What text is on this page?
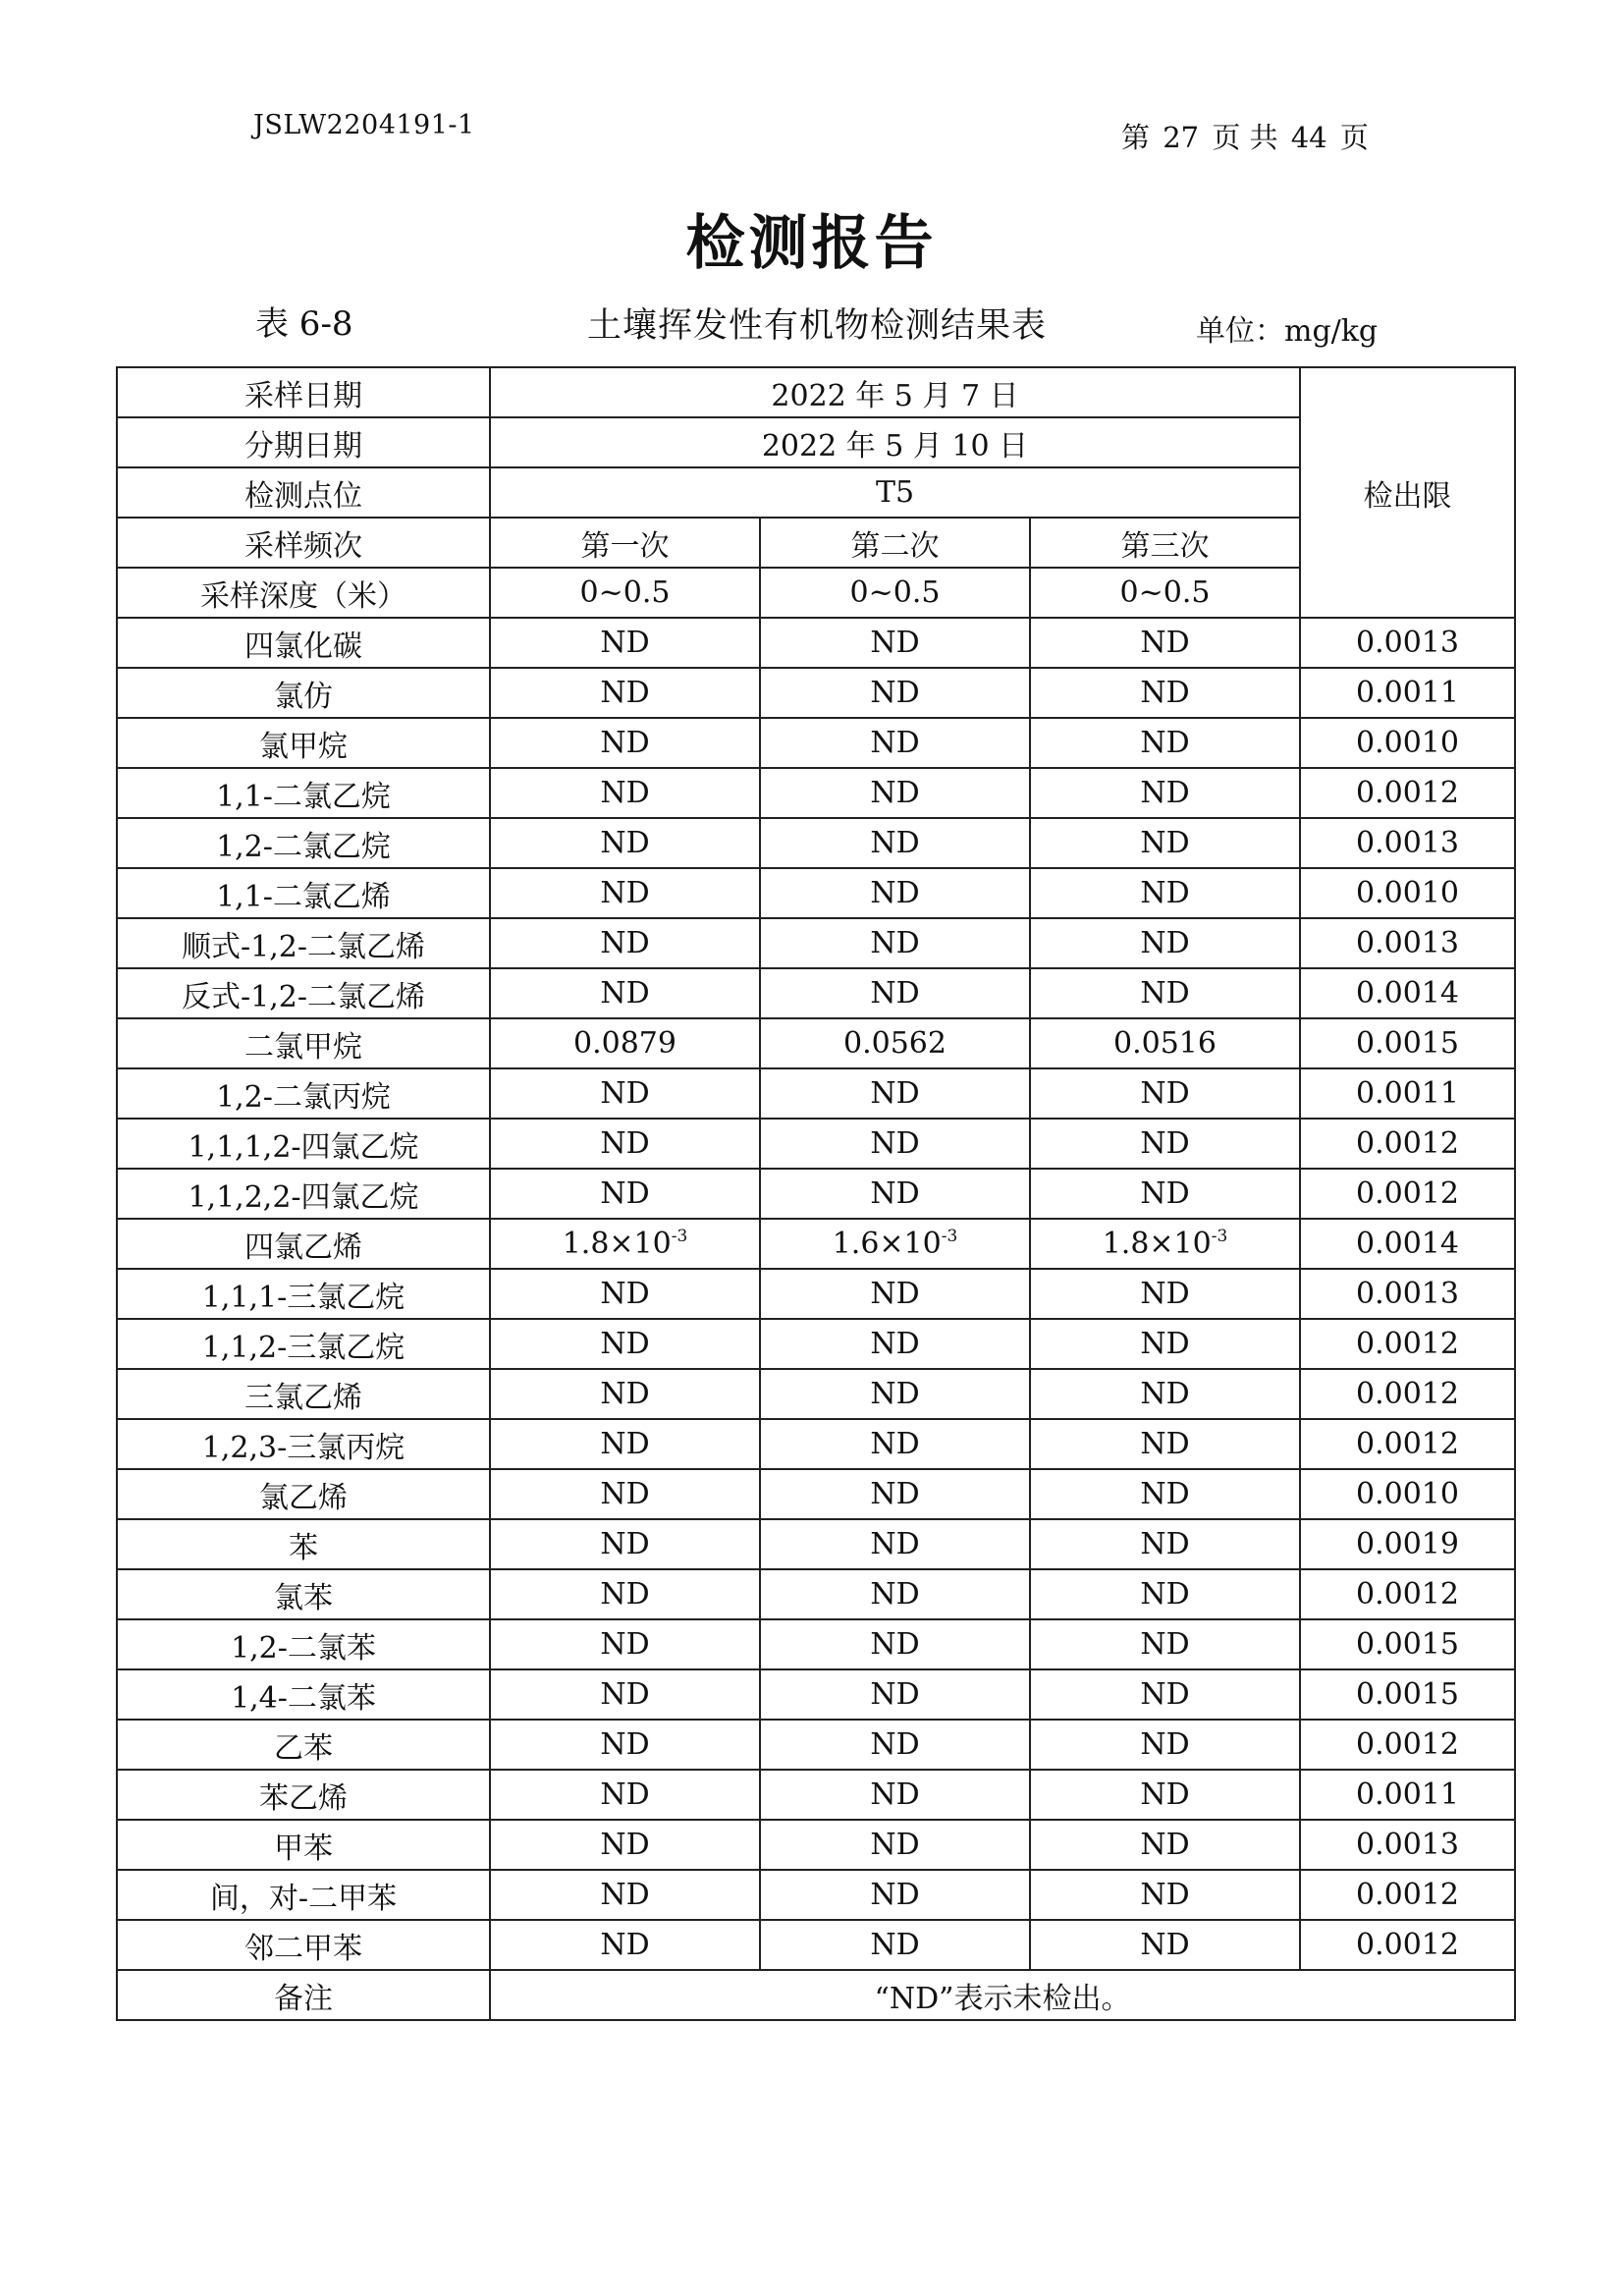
JSLW2204191-1	第 27 页 共 44 页
检测报告
表 6-8	土壤挥发性有机物检测结果表	单位：mg/kg
采样日期	2022 年 5 月 7 日			检出限
分期日期	2022 年 5 月 10 日			
检测点位	T5			
采样频次	第一次	第二次	第三次	
采样深度（米）	0~0.5	0~0.5	0~0.5	
四氯化碳	ND	ND	ND	0.0013
氯仿	ND	ND	ND	0.0011
氯甲烷	ND	ND	ND	0.0010
1,1-二氯乙烷	ND	ND	ND	0.0012
1,2-二氯乙烷	ND	ND	ND	0.0013
1,1-二氯乙烯	ND	ND	ND	0.0010
顺式-1,2-二氯乙烯	ND	ND	ND	0.0013
反式-1,2-二氯乙烯	ND	ND	ND	0.0014
二氯甲烷	0.0879	0.0562	0.0516	0.0015
1,2-二氯丙烷	ND	ND	ND	0.0011
1,1,1,2-四氯乙烷	ND	ND	ND	0.0012
1,1,2,2-四氯乙烷	ND	ND	ND	0.0012
四氯乙烯	$1.8\times 10^{-3}$	$1.6\times 10^{-3}$	$1.8\times 10^{-3}$	0.0014
1,1,1-三氯乙烷	ND	ND	ND	0.0013
1,1,2-三氯乙烷	ND	ND	ND	0.0012
三氯乙烯	ND	ND	ND	0.0012
1,2,3-三氯丙烷	ND	ND	ND	0.0012
氯乙烯	ND	ND	ND	0.0010
苯	ND	ND	ND	0.0019
氯苯	ND	ND	ND	0.0012
1,2-二氯苯	ND	ND	ND	0.0015
1,4-二氯苯	ND	ND	ND	0.0015
乙苯	ND	ND	ND	0.0012
苯乙烯	ND	ND	ND	0.0011
甲苯	ND	ND	ND	0.0013
间，对-二甲苯	ND	ND	ND	0.0012
邻二甲苯	ND	ND	ND	0.0012
备注	“ND”表示未检出。			
